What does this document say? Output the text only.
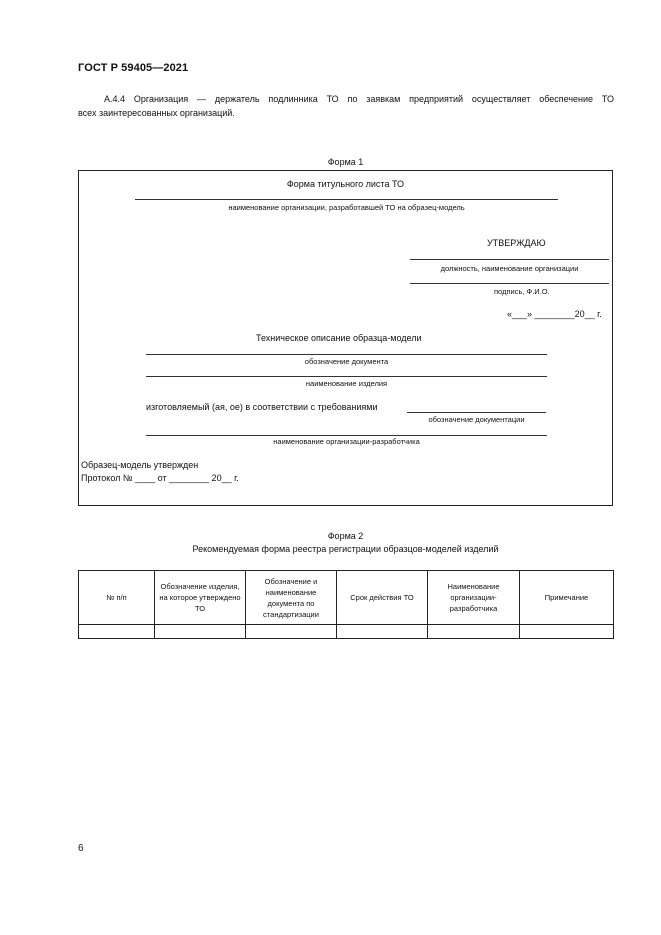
ГОСТ Р 59405—2021
А.4.4 Организация — держатель подлинника ТО по заявкам предприятий осуществляет обеспечение ТО
всех заинтересованных организаций.
Форма 1
Форма титульного листа ТО
наименование организации, разработавшей ТО на образец-модель
УТВЕРЖДАЮ
должность, наименование организации
подпись, Ф.И.О.
«___» ________20__ г.
Техническое описание образца-модели
обозначение документа
наименование изделия
изготовляемый (ая, ое) в соответствии с требованиями
обозначение документации
наименование организации-разработчика
Образец-модель утвержден
Протокол № ____ от ________ 20__ г.
Форма 2
Рекомендуемая форма реестра регистрации образцов-моделей изделий
№ п/п	Обозначение изделия, на которое утверждено ТО	Обозначение и наименование документа по стандартизации	Срок действия ТО	Наименование организации-разработчика	Примечание

6
